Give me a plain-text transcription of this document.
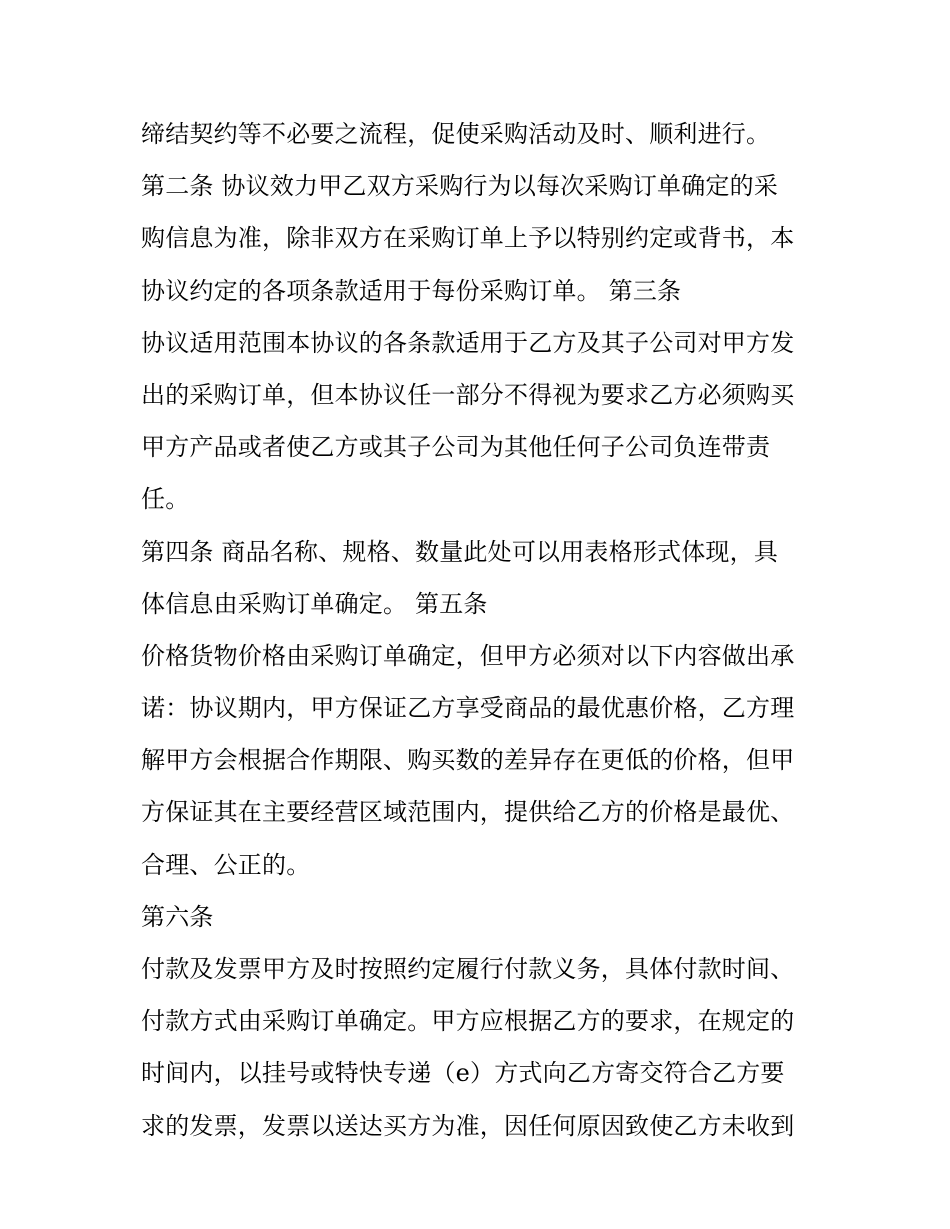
缔结契约等不必要之流程，促使采购活动及时、顺利进行。
第二条 协议效力甲乙双方采购行为以每次采购订单确定的采
购信息为准，除非双方在采购订单上予以特别约定或背书，本
协议约定的各项条款适用于每份采购订单。 第三条
协议适用范围本协议的各条款适用于乙方及其子公司对甲方发
出的采购订单，但本协议任一部分不得视为要求乙方必须购买
甲方产品或者使乙方或其子公司为其他任何子公司负连带责
任。
第四条 商品名称、规格、数量此处可以用表格形式体现，具
体信息由采购订单确定。 第五条
价格货物价格由采购订单确定，但甲方必须对以下内容做出承
诺：协议期内，甲方保证乙方享受商品的最优惠价格，乙方理
解甲方会根据合作期限、购买数的差异存在更低的价格，但甲
方保证其在主要经营区域范围内，提供给乙方的价格是最优、
合理、公正的。
第六条
付款及发票甲方及时按照约定履行付款义务，具体付款时间、
付款方式由采购订单确定。甲方应根据乙方的要求，在规定的
时间内，以挂号或特快专递（e）方式向乙方寄交符合乙方要
求的发票，发票以送达买方为准，因任何原因致使乙方未收到
